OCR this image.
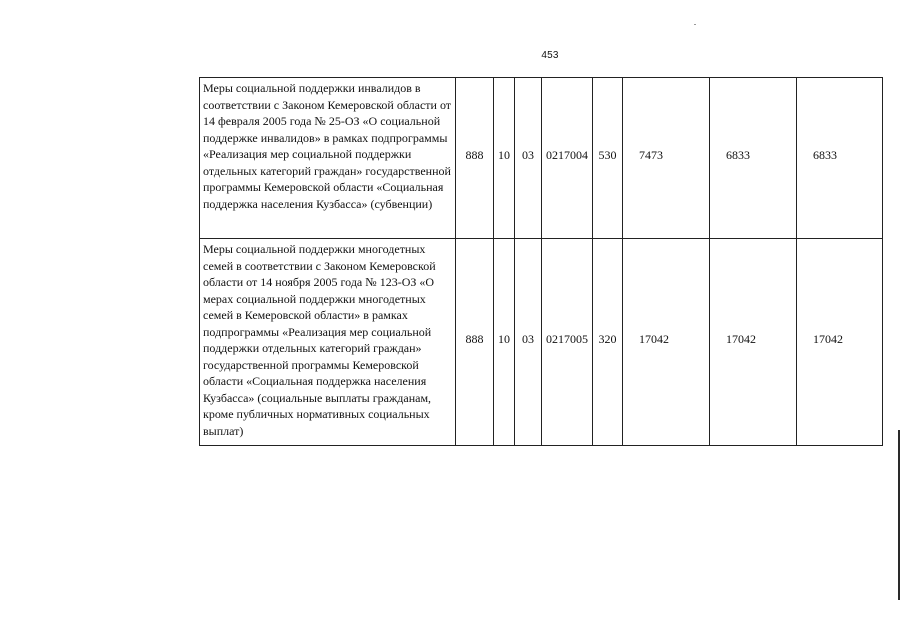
453
Меры социальной поддержки инвалидов в соответствии с Законом Кемеровской области от 14 февраля 2005 года № 25-ОЗ «О социальной поддержке инвалидов» в рамках подпрограммы «Реализация мер социальной поддержки отдельных категорий граждан» государственной программы Кемеровской области «Социальная поддержка населения Кузбасса» (субвенции)	888	10	03	0217004	530	7473	6833	6833
Меры социальной поддержки многодетных семей в соответствии с Законом Кемеровской области от 14 ноября 2005 года № 123-ОЗ «О мерах социальной поддержки многодетных семей в Кемеровской области» в рамках подпрограммы «Реализация мер социальной поддержки отдельных категорий граждан» государственной программы Кемеровской области «Социальная поддержка населения Кузбасса» (социальные выплаты гражданам, кроме публичных нормативных социальных выплат)	888	10	03	0217005	320	17042	17042	17042
